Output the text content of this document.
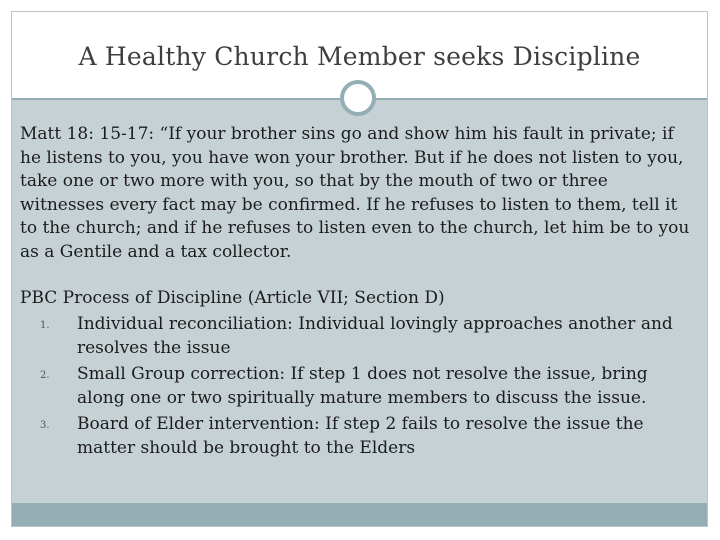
A Healthy Church Member seeks Discipline
Matt 18: 15-17: “If your brother sins go and show him his fault in private; if he listens to you, you have won your brother. But if he does not listen to you, take one or two more with you, so that by the mouth of two or three witnesses every fact may be confirmed. If he refuses to listen to them, tell it to the church; and if he refuses to listen even to the church, let him be to you as a Gentile and a tax collector.
PBC Process of Discipline (Article VII; Section D)
1.	Individual reconciliation: Individual lovingly approaches another and resolves the issue
2.	Small Group correction: If step 1 does not resolve the issue, bring along one or two spiritually mature members to discuss the issue.
3.	Board of Elder intervention: If step 2 fails to resolve the issue the matter should be brought to the Elders
